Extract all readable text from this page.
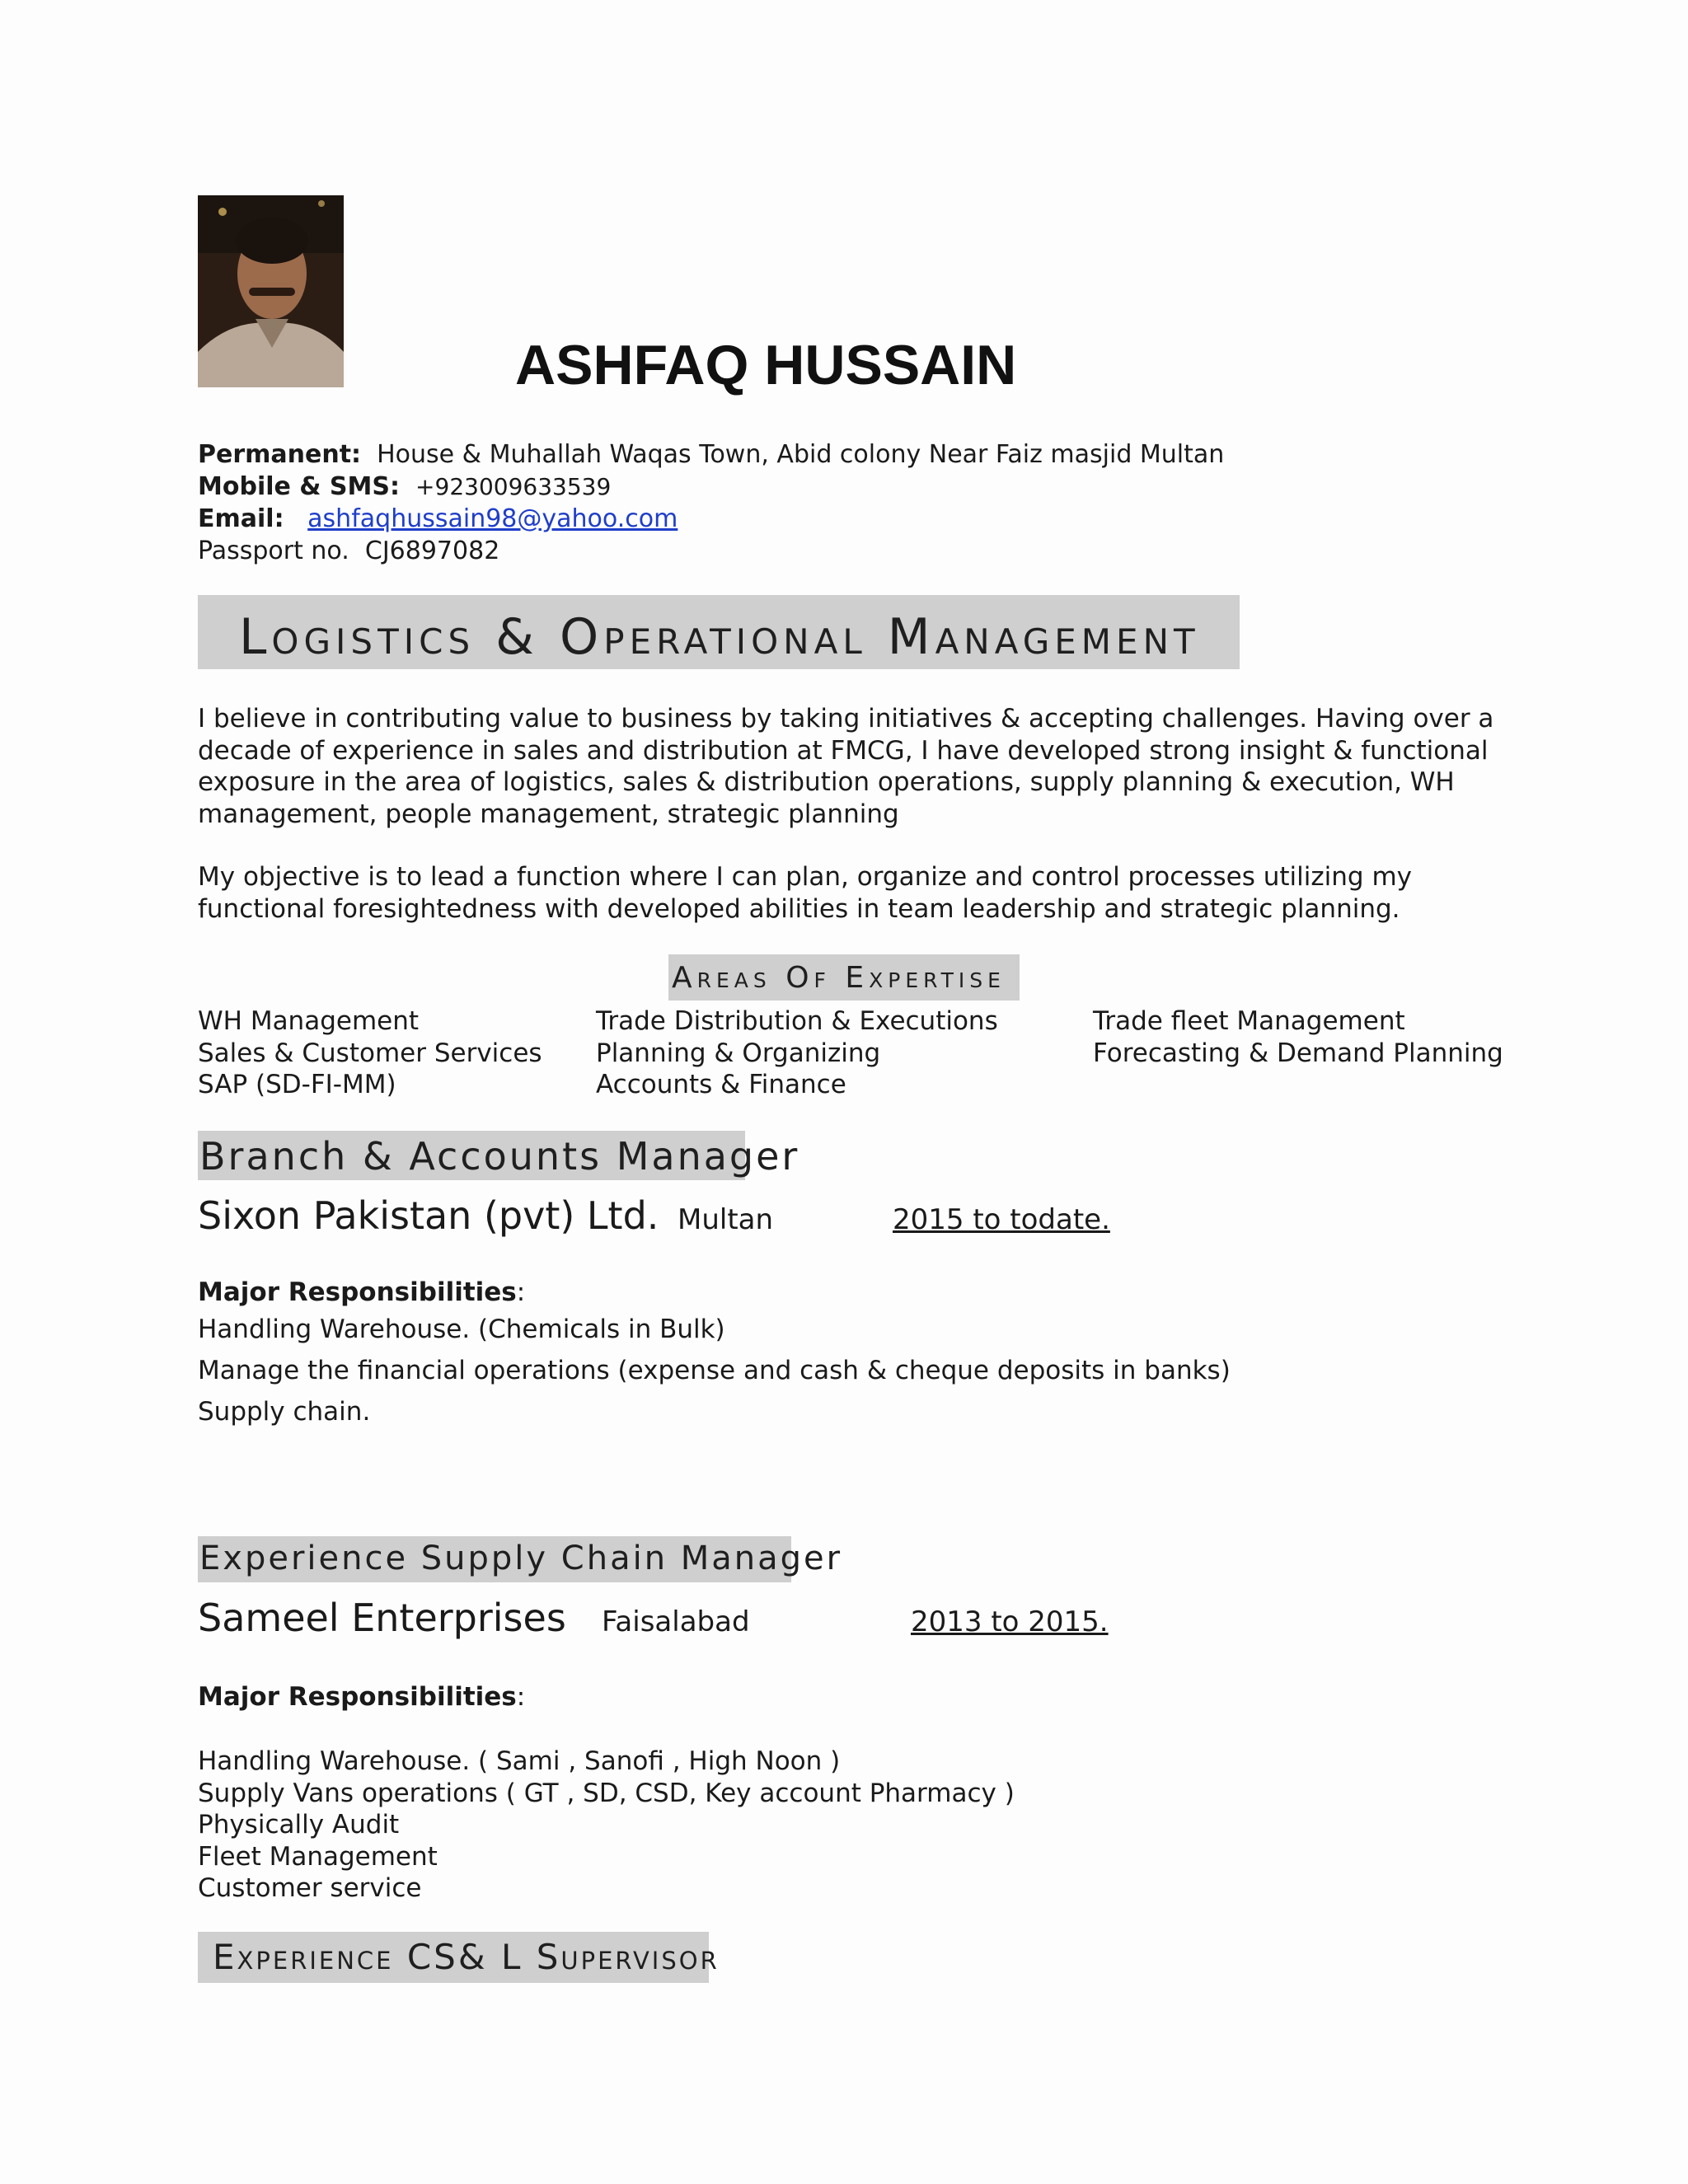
ASHFAQ HUSSAIN
Permanent: House & Muhallah Waqas Town, Abid colony Near Faiz masjid Multan
Mobile & SMS: +923009633539
Email: ashfaqhussain98@yahoo.com
Passport no. CJ6897082
Logistics & Operational Management
I believe in contributing value to business by taking initiatives & accepting challenges. Having over a
decade of experience in sales and distribution at FMCG, I have developed strong insight & functional
exposure in the area of logistics, sales & distribution operations, supply planning & execution, WH
management, people management, strategic planning
My objective is to lead a function where I can plan, organize and control processes utilizing my
functional foresightedness with developed abilities in team leadership and strategic planning.
Areas Of Expertise
WH Management
Sales & Customer Services
SAP (SD-FI-MM)
Trade Distribution & Executions
Planning & Organizing
Accounts & Finance
Trade fleet Management
Forecasting & Demand Planning
Branch & Accounts Manager
Sixon Pakistan (pvt) Ltd. Multan	2015 to todate.
Major Responsibilities:
Handling Warehouse. (Chemicals in Bulk)
Manage the financial operations (expense and cash & cheque deposits in banks)
Supply chain.
Experience Supply Chain Manager
Sameel Enterprises Faisalabad	2013 to 2015.
Major Responsibilities:
Handling Warehouse. ( Sami , Sanofi , High Noon )
Supply Vans operations ( GT , SD, CSD, Key account Pharmacy )
Physically Audit
Fleet Management
Customer service
Experience CS& L Supervisor
